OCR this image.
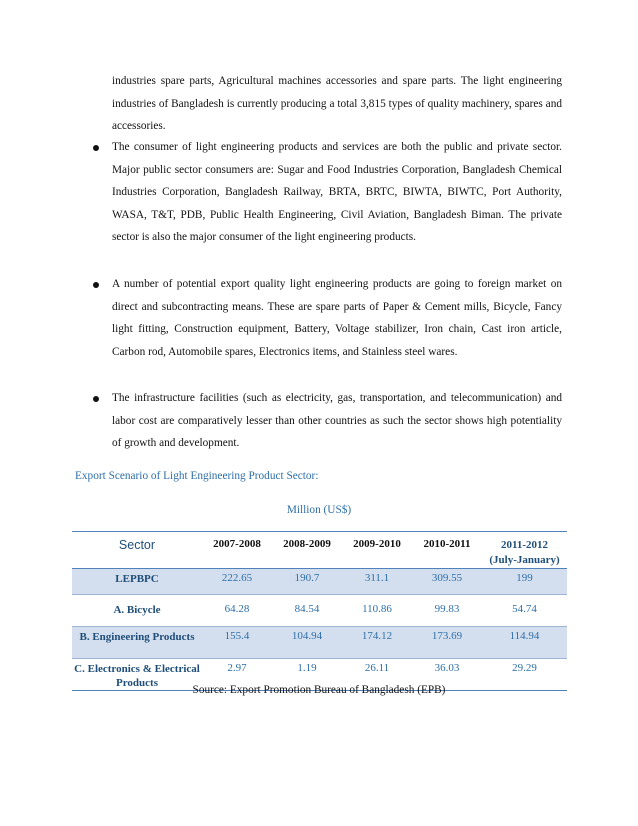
industries spare parts, Agricultural machines accessories and spare parts. The light engineering industries of Bangladesh is currently producing a total 3,815 types of quality machinery, spares and accessories.

The consumer of light engineering products and services are both the public and private sector. Major public sector consumers are: Sugar and Food Industries Corporation, Bangladesh Chemical Industries Corporation, Bangladesh Railway, BRTA, BRTC, BIWTA, BIWTC, Port Authority, WASA, T&T, PDB, Public Health Engineering, Civil Aviation, Bangladesh Biman. The private sector is also the major consumer of the light engineering products.

A number of potential export quality light engineering products are going to foreign market on direct and subcontracting means. These are spare parts of Paper & Cement mills, Bicycle, Fancy light fitting, Construction equipment, Battery, Voltage stabilizer, Iron chain, Cast iron article, Carbon rod, Automobile spares, Electronics items, and Stainless steel wares.

The infrastructure facilities (such as electricity, gas, transportation, and telecommunication) and labor cost are comparatively lesser than other countries as such the sector shows high potentiality of growth and development.

Export Scenario of Light Engineering Product Sector:

Million (US$)

Sector	2007-2008	2008-2009	2009-2010	2010-2011	2011-2012
(July-January)
LEPBPC	222.65	190.7	311.1	309.55	199
A. Bicycle	64.28	84.54	110.86	99.83	54.74
B. Engineering Products	155.4	104.94	174.12	173.69	114.94
C. Electronics & Electrical Products	2.97	1.19	26.11	36.03	29.29

Source: Export Promotion Bureau of Bangladesh (EPB)
